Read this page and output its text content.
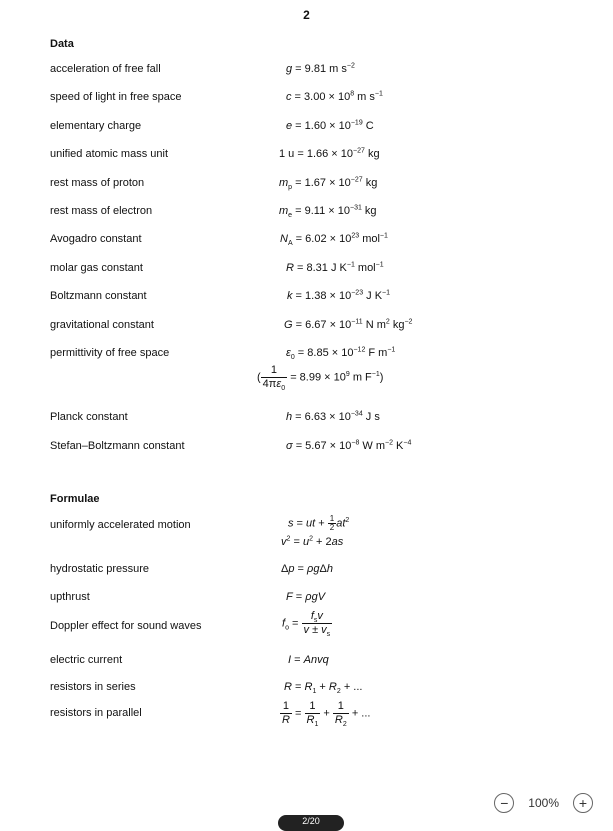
2
Data
acceleration of free fall	g = 9.81 m $s^{-2}$
speed of light in free space	$c = 3.00 \times 10^8$ m $s^{-1}$
elementary charge	$e = 1.60 \times 10^{-19}$ C
unified atomic mass unit	1 $u = 1.66 \times 10^{-27}$ kg
rest mass of proton	$m_p = 1.67 \times 10^{-27}$ kg
rest mass of electron	$m_e = 9.11 \times 10^{-31}$ kg
Avogadro constant	$N_A = 6.02 \times 10^{23}$ mol$^{-1}$
molar gas constant	R = 8.31 J $K^{-1}$ mol$^{-1}$
Boltzmann constant	$k = 1.38 \times 10^{-23}$ J $K^{-1}$
gravitational constant	$G = 6.67 \times 10^{-11}$ N $m^2$ $kg^{-2}$
permittivity of free space	$\varepsilon_0 = 8.85 \times 10^{-12}$ F $m^{-1}$
( $\frac{1}{4\pi\varepsilon_0} = 8.99 \times 10^9$ m $F^{-1}$)
Planck constant	$h = 6.63 \times 10^{-34}$ J s
Stefan–Boltzmann constant	$\sigma = 5.67 \times 10^{-8}$ W $m^{-2}$ $K^{-4}$
Formulae
uniformly accelerated motion	s = ut + $\frac{1}{2} at^2$
$v^2 = u^2 + 2as$
hydrostatic pressure	Δp = ρgΔh
upthrust	F = ρgV
Doppler effect for sound waves	$f_o = \frac{f_sv}{v \pm v_s}$
electric current	I = Anvq
resistors in series	$R = R_1 + R_2$ + ...
resistors in parallel	$\frac{1}{R} = \frac{1}{R_1} + \frac{1}{R_2}$ + ...
−	100%	+
2/20
